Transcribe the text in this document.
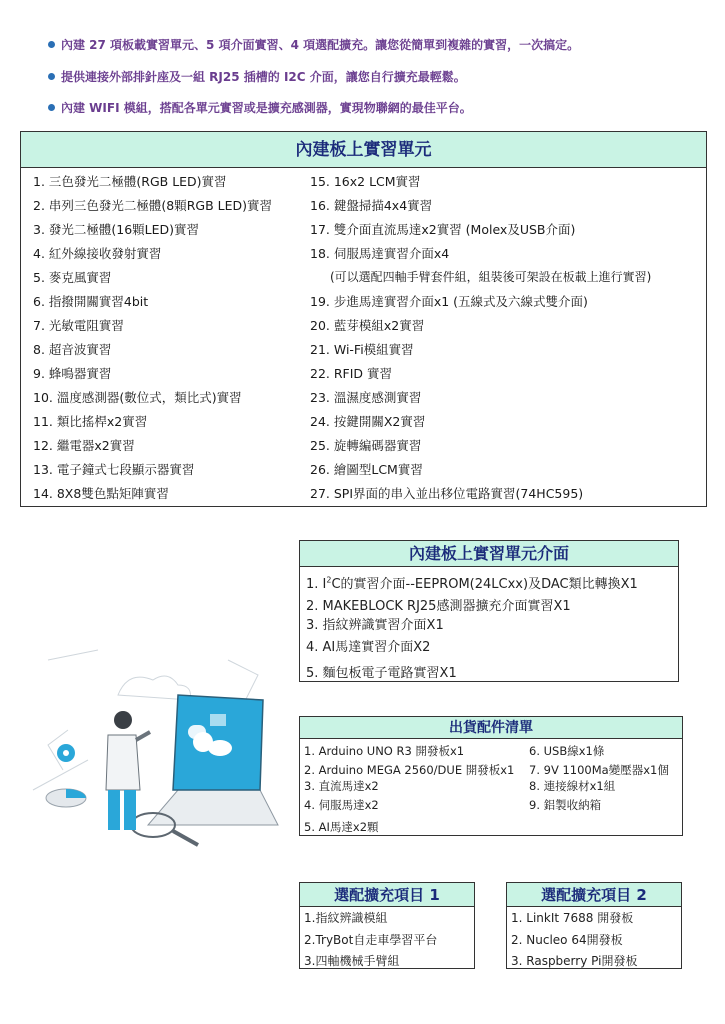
內建 27 項板載實習單元、5 項介面實習、4 項選配擴充。讓您從簡單到複雜的實習，一次搞定。
提供連接外部排針座及一組 RJ25 插槽的 I2C 介面，讓您自行擴充最輕鬆。
內建 WIFI 模組，搭配各單元實習或是擴充感測器，實現物聯網的最佳平台。
內建板上實習單元
1. 三色發光二極體(RGB LED)實習
2. 串列三色發光二極體(8顆RGB LED)實習
3. 發光二極體(16顆LED)實習
4. 紅外線接收發射實習
5. 麥克風實習
6. 指撥開關實習4bit
7. 光敏電阻實習
8. 超音波實習
9. 蜂鳴器實習
10. 溫度感測器(數位式，類比式)實習
11. 類比搖桿x2實習
12. 繼電器x2實習
13. 電子鐘式七段顯示器實習
14. 8X8雙色點矩陣實習
15. 16x2 LCM實習
16. 鍵盤掃描4x4實習
17. 雙介面直流馬達x2實習 (Molex及USB介面)
18. 伺服馬達實習介面x4
(可以選配四軸手臂套件組，組裝後可架設在板載上進行實習)
19. 步進馬達實習介面x1 (五線式及六線式雙介面)
20. 藍芽模組x2實習
21. Wi-Fi模組實習
22. RFID 實習
23. 溫濕度感測實習
24. 按鍵開關X2實習
25. 旋轉編碼器實習
26. 繪圖型LCM實習
27. SPI界面的串入並出移位電路實習(74HC595)
內建板上實習單元介面
1. $I^2C$的實習介面--EEPROM(24LCxx)及DAC類比轉換X1
2. MAKEBLOCK RJ25感測器擴充介面實習X1
3. 指紋辨識實習介面X1
4. AI馬達實習介面X2
5. 麵包板電子電路實習X1
出貨配件清單
1. Arduino UNO R3 開發板x1
2. Arduino MEGA 2560/DUE 開發板x1
3. 直流馬達x2
4. 伺服馬達x2
5. AI馬達x2顆
6. USB線x1條
7. 9V 1100Ma變壓器x1個
8. 連接線材x1組
9. 鋁製收納箱
選配擴充項目 1
1.指紋辨識模組
2.TryBot自走車學習平台
3.四軸機械手臂組
選配擴充項目 2
1. LinkIt 7688 開發板
2. Nucleo 64開發板
3. Raspberry Pi開發板
